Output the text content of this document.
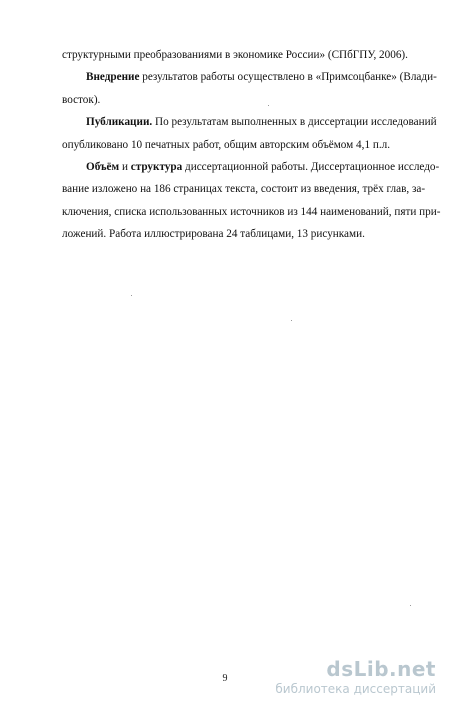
структурными преобразованиями в экономике России» (СПбГПУ, 2006).
Внедрение результатов работы осуществлено в «Примсоцбанке» (Влади-
восток).
Публикации. По результатам выполненных в диссертации исследований
опубликовано 10 печатных работ, общим авторским объёмом 4,1 п.л.
Объём и структура диссертационной работы. Диссертационное исследо-
вание изложено на 186 страницах текста, состоит из введения, трёх глав, за-
ключения, списка использованных источников из 144 наименований, пяти при-
ложений. Работа иллюстрирована 24 таблицами, 13 рисунками.
9	dsLib.net
библиотека диссертаций
